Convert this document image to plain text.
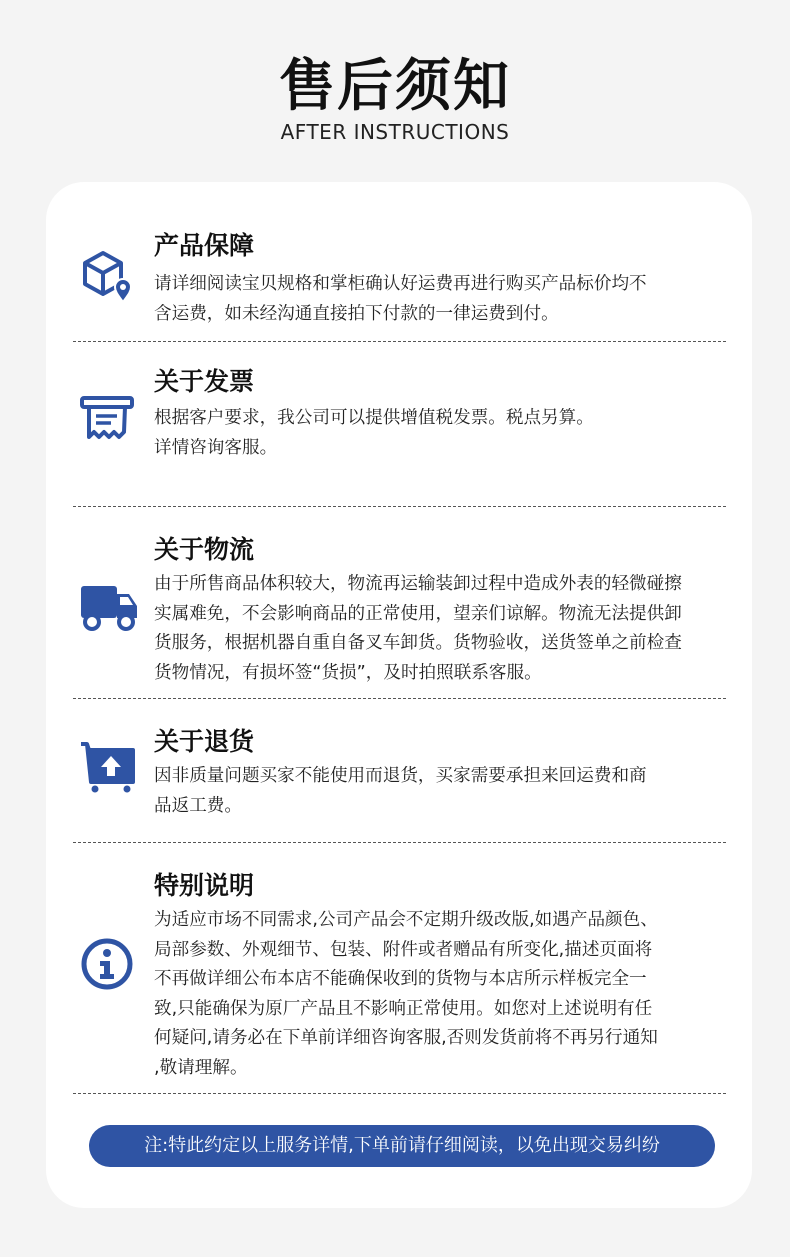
售后须知
AFTER INSTRUCTIONS
产品保障
请详细阅读宝贝规格和掌柜确认好运费再进行购买产品标价均不
含运费，如未经沟通直接拍下付款的一律运费到付。
关于发票
根据客户要求，我公司可以提供增值税发票。税点另算。
详情咨询客服。
关于物流
由于所售商品体积较大，物流再运输装卸过程中造成外表的轻微碰擦
实属难免，不会影响商品的正常使用，望亲们谅解。物流无法提供卸
货服务，根据机器自重自备叉车卸货。货物验收，送货签单之前检查
货物情况，有损坏签“货损”，及时拍照联系客服。
关于退货
因非质量问题买家不能使用而退货，买家需要承担来回运费和商
品返工费。
特别说明
为适应市场不同需求,公司产品会不定期升级改版,如遇产品颜色、
局部参数、外观细节、包装、附件或者赠品有所变化,描述页面将
不再做详细公布本店不能确保收到的货物与本店所示样板完全一
致,只能确保为原厂产品且不影响正常使用。如您对上述说明有任
何疑问,请务必在下单前详细咨询客服,否则发货前将不再另行通知
,敬请理解。
注:特此约定以上服务详情,下单前请仔细阅读，以免出现交易纠纷
